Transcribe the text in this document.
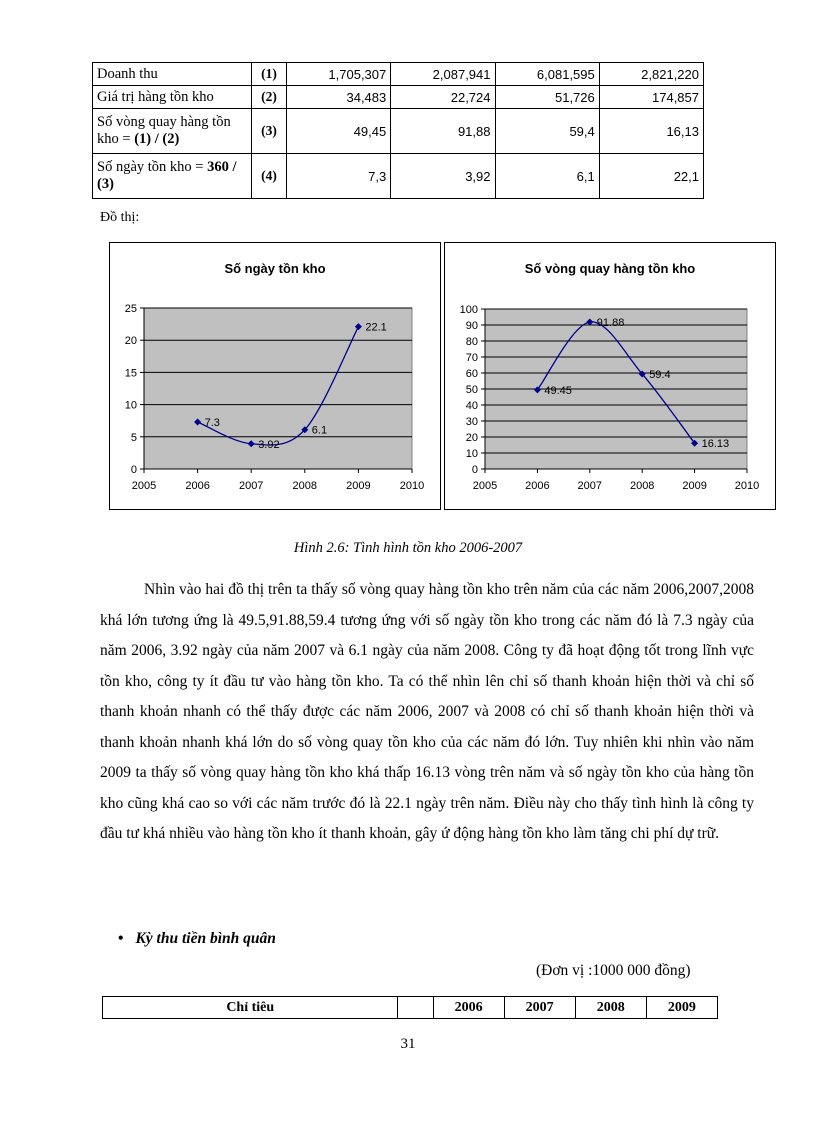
Doanh thu	(1)	1,705,307	2,087,941	6,081,595	2,821,220
Giá trị hàng tồn kho	(2)	34,483	22,724	51,726	174,857
Số vòng quay hàng tồn kho = (1) / (2)	(3)	49,45	91,88	59,4	16,13
Số ngày tồn kho = 360 / (3)	(4)	7,3	3,92	6,1	22,1
Đồ thị:
Số ngày tồn kho
0
5
10
15
20
25
2005	2006	2007	2008	2009	2010
7.3
3.92
6.1
22.1
Số vòng quay hàng tồn kho
0
10
20
30
40
50
60
70
80
90
100
2005	2006	2007	2008	2009	2010
49.45
91.88
59.4
16.13
Hình 2.6: Tình hình tồn kho 2006-2007

Nhìn vào hai đồ thị trên ta thấy số vòng quay hàng tồn kho trên năm của các năm 2006,2007,2008 khá lớn tương ứng là 49.5,91.88,59.4 tương ứng với số ngày tồn kho trong các năm đó là 7.3 ngày của năm 2006, 3.92 ngày của năm 2007 và 6.1 ngày của năm 2008. Công ty đã hoạt động tốt trong lĩnh vực tồn kho, công ty ít đầu tư vào hàng tồn kho. Ta có thể nhìn lên chỉ số thanh khoản hiện thời và chỉ số thanh khoản nhanh có thể thấy được các năm 2006, 2007 và 2008 có chỉ số thanh khoản hiện thời và thanh khoản nhanh khá lớn do số vòng quay tồn kho của các năm đó lớn. Tuy nhiên khi nhìn vào năm 2009 ta thấy số vòng quay hàng tồn kho khá thấp 16.13 vòng trên năm và số ngày tồn kho của hàng tồn kho cũng khá cao so với các năm trước đó là 22.1 ngày trên năm. Điều này cho thấy tình hình là công ty đầu tư khá nhiều vào hàng tồn kho ít thanh khoản, gây ứ động hàng tồn kho làm tăng chi phí dự trữ.

• Kỳ thu tiền bình quân
(Đơn vị :1000 000 đồng)
Chỉ tiêu		2006	2007	2008	2009
31
